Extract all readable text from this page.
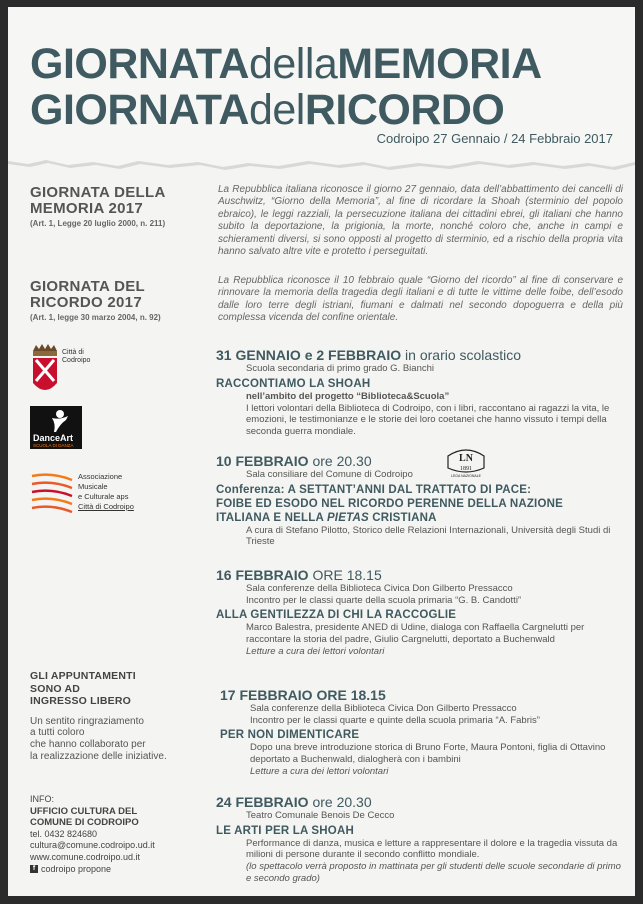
GIORNATAdellaMEMORIA
GIORNATAdelRICORDO
Codroipo 27 Gennaio / 24 Febbraio 2017
GIORNATA DELLA
MEMORIA 2017
(Art. 1, Legge 20 luglio 2000, n. 211)
La Repubblica italiana riconosce il giorno 27 gennaio, data dell’abbattimento dei cancelli di Auschwitz, “Giorno della Memoria”, al fine di ricordare la Shoah (sterminio del popolo ebraico), le leggi razziali, la persecuzione italiana dei cittadini ebrei, gli italiani che hanno subito la deportazione, la prigionia, la morte, nonché coloro che, anche in campi e schieramenti diversi, si sono opposti al progetto di sterminio, ed a rischio della propria vita hanno salvato altre vite e protetto i perseguitati.
GIORNATA DEL
RICORDO 2017
(Art. 1, legge 30 marzo 2004, n. 92)
La Repubblica riconosce il 10 febbraio quale “Giorno del ricordo” al fine di conservare e rinnovare la memoria della tragedia degli italiani e di tutte le vittime delle foibe, dell’esodo dalle loro terre degli istriani, fiumani e dalmati nel secondo dopoguerra e della più complessa vicenda del confine orientale.
Città di
Codroipo
DanceArt
SCUOLA DI DANZA
Associazione
Musicale
e Culturale aps
Città di Codroipo
31 GENNAIO e 2 FEBBRAIO in orario scolastico
Scuola secondaria di primo grado G. Bianchi
RACCONTIAMO LA SHOAH
nell’ambito del progetto “Biblioteca&Scuola”
I lettori volontari della Biblioteca di Codroipo, con i libri, raccontano ai ragazzi la vita, le emozioni, le testimonianze e le storie dei loro coetanei che hanno vissuto i tempi della seconda guerra mondiale.
10 FEBBRAIO ore 20.30
Sala consiliare del Comune di Codroipo
Conferenza: A SETTANT’ANNI DAL TRATTATO DI PACE:
FOIBE ED ESODO NEL RICORDO PERENNE DELLA NAZIONE
ITALIANA E NELLA PIETAS CRISTIANA
A cura di Stefano Pilotto, Storico delle Relazioni Internazionali, Università degli Studi di Trieste
LN
1891
LEGA NAZIONALE
16 FEBBRAIO ORE 18.15
Sala conferenze della Biblioteca Civica Don Gilberto Pressacco
Incontro per le classi quarte della scuola primaria “G. B. Candotti”
ALLA GENTILEZZA DI CHI LA RACCOGLIE
Marco Balestra, presidente ANED di Udine, dialoga con Raffaella Cargnelutti per raccontare la storia del padre, Giulio Cargnelutti, deportato a Buchenwald
Letture a cura dei lettori volontari
17 FEBBRAIO ORE 18.15
Sala conferenze della Biblioteca Civica Don Gilberto Pressacco
Incontro per le classi quarte e quinte della scuola primaria “A. Fabris”
PER NON DIMENTICARE
Dopo una breve introduzione storica di Bruno Forte, Maura Pontoni, figlia di Ottavino deportato a Buchenwald, dialogherà con i bambini
Letture a cura dei lettori volontari
24 FEBBRAIO ore 20.30
Teatro Comunale Benois De Cecco
LE ARTI PER LA SHOAH
Performance di danza, musica e letture a rappresentare il dolore e la tragedia vissuta da milioni di persone durante il secondo conflitto mondiale.
(lo spettacolo verrà proposto in mattinata per gli studenti delle scuole secondarie di primo e secondo grado)
GLI APPUNTAMENTI
SONO AD
INGRESSO LIBERO
Un sentito ringraziamento
a tutti coloro
che hanno collaborato per
la realizzazione delle iniziative.
INFO:
UFFICIO CULTURA DEL
COMUNE DI CODROIPO
tel. 0432 824680
cultura@comune.codroipo.ud.it
www.comune.codroipo.ud.it
f codroipo propone
